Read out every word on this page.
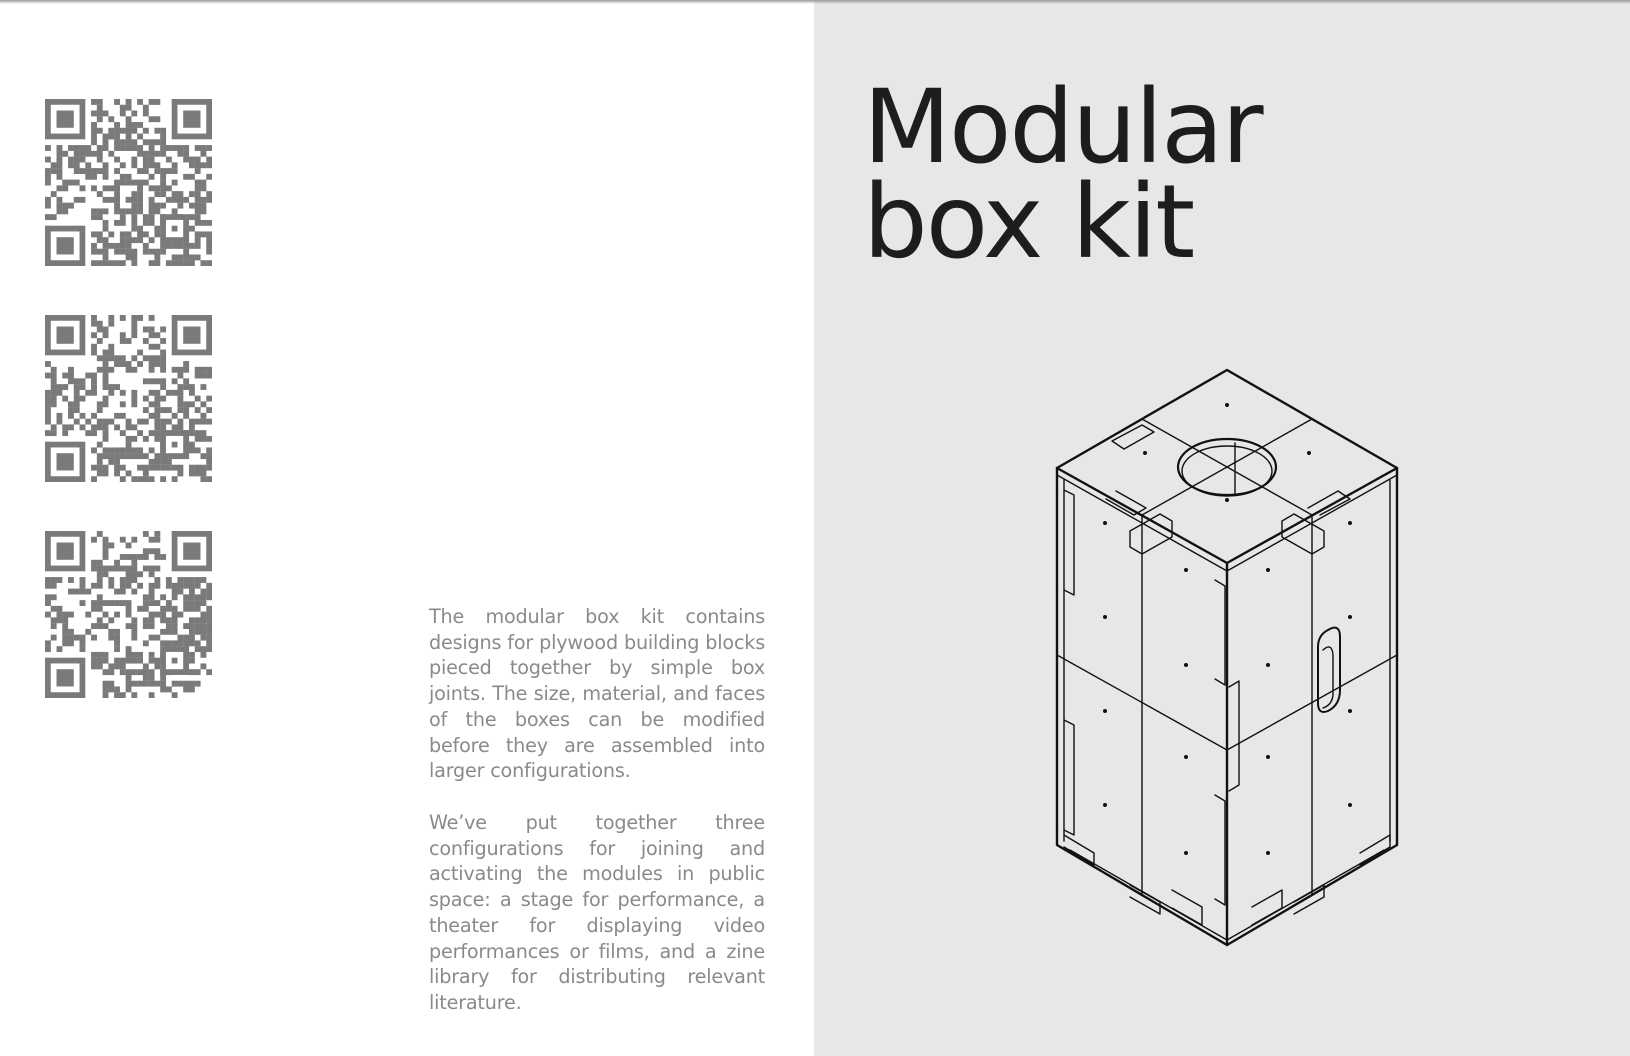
The modular box kit contains designs for plywood building blocks pieced together by simple box joints. The size, material, and faces of the boxes can be modified before they are assembled into larger configurations.

We’ve put together three configurations for joining and activating the modules in public space: a stage for performance, a theater for displaying video performances or films, and a zine library for distributing relevant literature.

Modular
box kit
